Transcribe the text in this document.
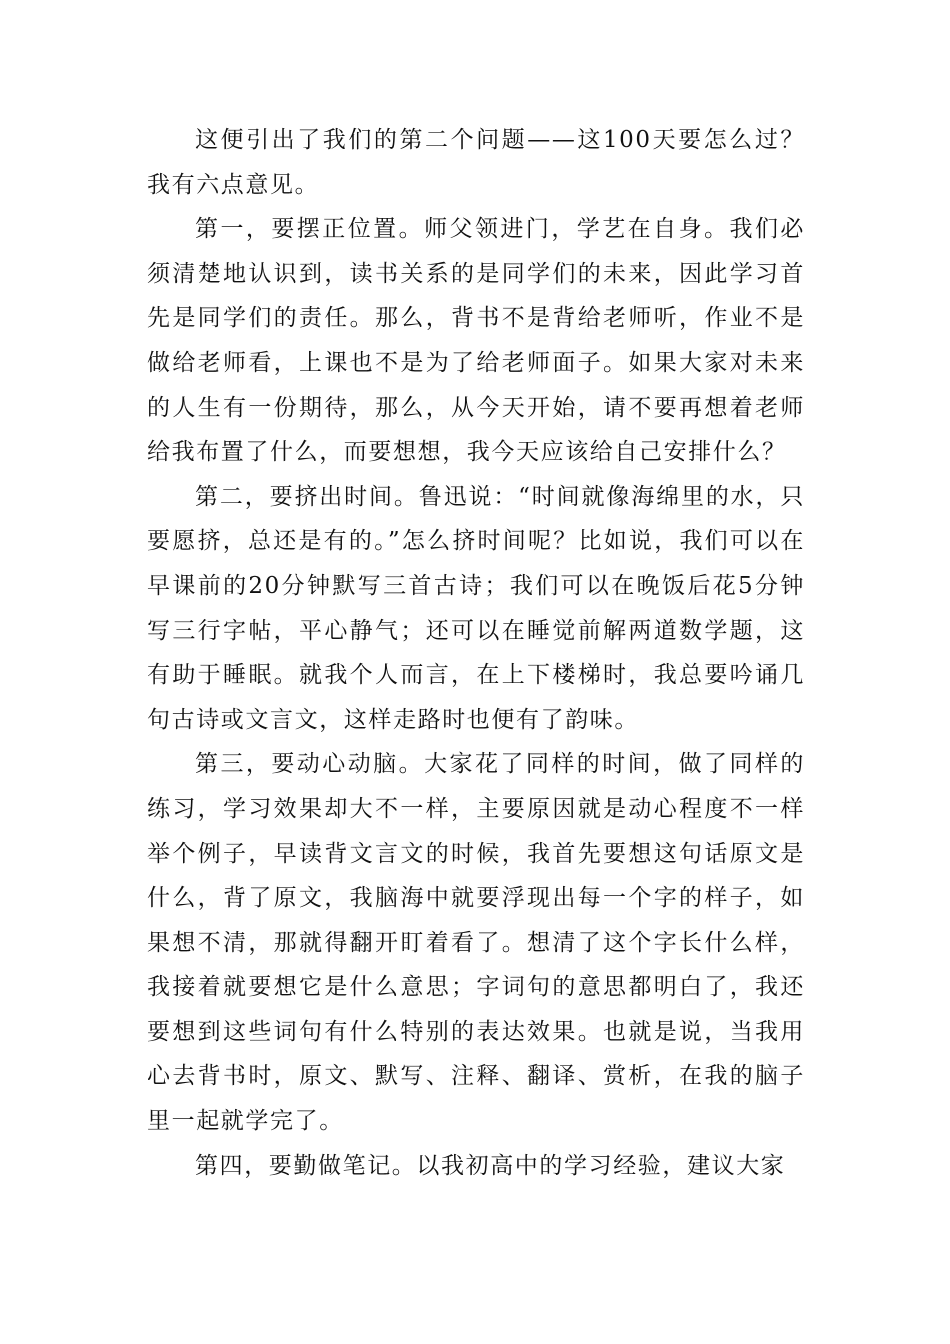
这便引出了我们的第二个问题——这100天要怎么过？我有六点意见。

第一，要摆正位置。师父领进门，学艺在自身。我们必须清楚地认识到，读书关系的是同学们的未来，因此学习首先是同学们的责任。那么，背书不是背给老师听，作业不是做给老师看，上课也不是为了给老师面子。如果大家对未来的人生有一份期待，那么，从今天开始，请不要再想着老师给我布置了什么，而要想想，我今天应该给自己安排什么？

第二，要挤出时间。鲁迅说：“时间就像海绵里的水，只要愿挤，总还是有的。”怎么挤时间呢？比如说，我们可以在早课前的20分钟默写三首古诗；我们可以在晚饭后花5分钟写三行字帖，平心静气；还可以在睡觉前解两道数学题，这有助于睡眠。就我个人而言，在上下楼梯时，我总要吟诵几句古诗或文言文，这样走路时也便有了韵味。

第三，要动心动脑。大家花了同样的时间，做了同样的练习，学习效果却大不一样，主要原因就是动心程度不一样举个例子，早读背文言文的时候，我首先要想这句话原文是什么，背了原文，我脑海中就要浮现出每一个字的样子，如果想不清，那就得翻开盯着看了。想清了这个字长什么样，我接着就要想它是什么意思；字词句的意思都明白了，我还要想到这些词句有什么特别的表达效果。也就是说，当我用心去背书时，原文、默写、注释、翻译、赏析，在我的脑子里一起就学完了。

第四，要勤做笔记。以我初高中的学习经验，建议大家
